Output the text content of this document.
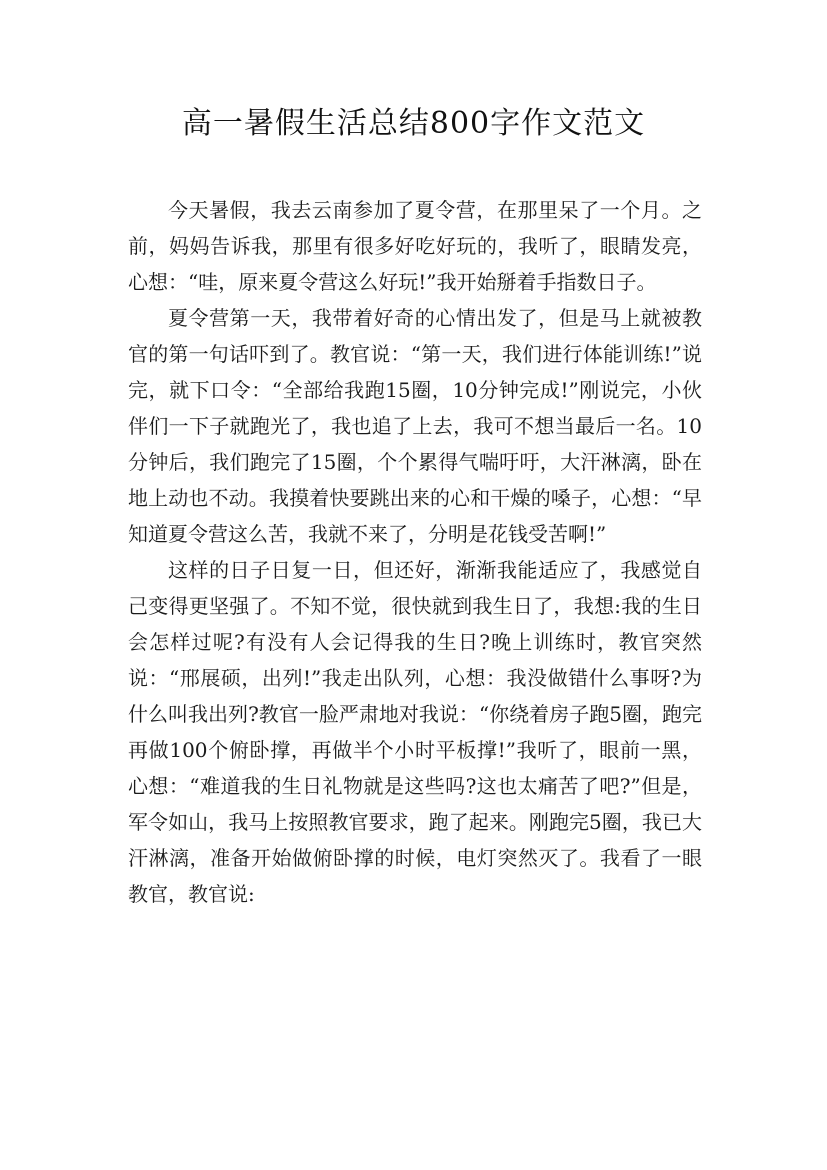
高一暑假生活总结800字作文范文

今天暑假，我去云南参加了夏令营，在那里呆了一个月。之前，妈妈告诉我，那里有很多好吃好玩的，我听了，眼睛发亮，心想：“哇，原来夏令营这么好玩!”我开始掰着手指数日子。

夏令营第一天，我带着好奇的心情出发了，但是马上就被教官的第一句话吓到了。教官说：“第一天，我们进行体能训练!”说完，就下口令：“全部给我跑15圈，10分钟完成!”刚说完，小伙伴们一下子就跑光了，我也追了上去，我可不想当最后一名。10分钟后，我们跑完了15圈，个个累得气喘吁吁，大汗淋漓，卧在地上动也不动。我摸着快要跳出来的心和干燥的嗓子，心想：“早知道夏令营这么苦，我就不来了，分明是花钱受苦啊!”

这样的日子日复一日，但还好，渐渐我能适应了，我感觉自己变得更坚强了。不知不觉，很快就到我生日了，我想:我的生日会怎样过呢?有没有人会记得我的生日?晚上训练时，教官突然说：“邢展硕，出列!”我走出队列，心想：我没做错什么事呀?为什么叫我出列?教官一脸严肃地对我说：“你绕着房子跑5圈，跑完再做100个俯卧撑，再做半个小时平板撑!”我听了，眼前一黑，心想：“难道我的生日礼物就是这些吗?这也太痛苦了吧?”但是，军令如山，我马上按照教官要求，跑了起来。刚跑完5圈，我已大汗淋漓，准备开始做俯卧撑的时候，电灯突然灭了。我看了一眼教官，教官说:
